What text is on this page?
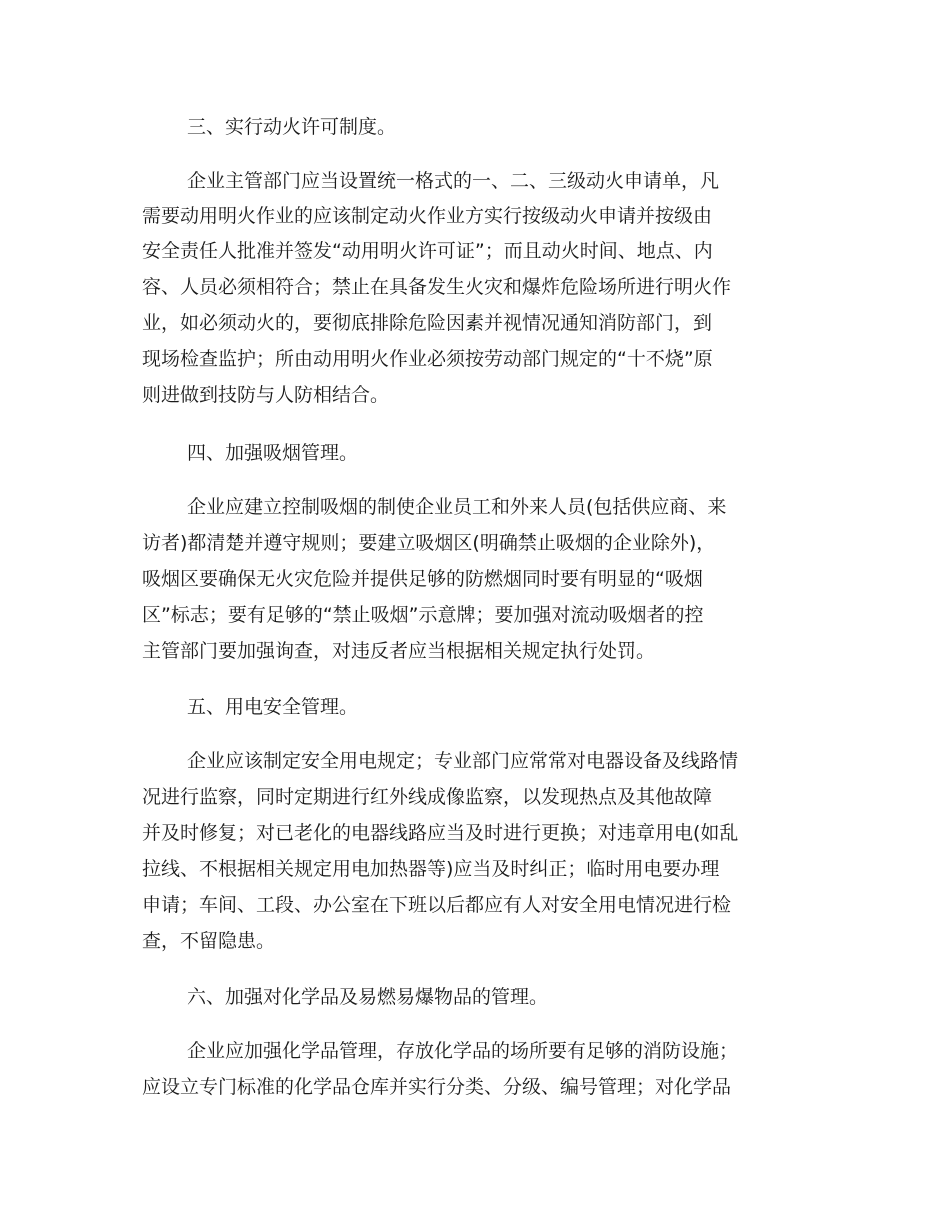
三、实行动火许可制度。
企业主管部门应当设置统一格式的一、二、三级动火申请单，凡
需要动用明火作业的应该制定动火作业方实行按级动火申请并按级由
安全责任人批准并签发“动用明火许可证”；而且动火时间、地点、内
容、人员必须相符合；禁止在具备发生火灾和爆炸危险场所进行明火作
业，如必须动火的，要彻底排除危险因素并视情况通知消防部门，到
现场检查监护；所由动用明火作业必须按劳动部门规定的“十不烧”原
则进做到技防与人防相结合。
四、加强吸烟管理。
企业应建立控制吸烟的制使企业员工和外来人员(包括供应商、来
访者)都清楚并遵守规则；要建立吸烟区(明确禁止吸烟的企业除外)，
吸烟区要确保无火灾危险并提供足够的防燃烟同时要有明显的“吸烟
区”标志；要有足够的“禁止吸烟”示意牌；要加强对流动吸烟者的控
主管部门要加强询查，对违反者应当根据相关规定执行处罚。
五、用电安全管理。
企业应该制定安全用电规定；专业部门应常常对电器设备及线路情
况进行监察，同时定期进行红外线成像监察，以发现热点及其他故障
并及时修复；对已老化的电器线路应当及时进行更换；对违章用电(如乱
拉线、不根据相关规定用电加热器等)应当及时纠正；临时用电要办理
申请；车间、工段、办公室在下班以后都应有人对安全用电情况进行检
查，不留隐患。
六、加强对化学品及易燃易爆物品的管理。
企业应加强化学品管理，存放化学品的场所要有足够的消防设施；
应设立专门标准的化学品仓库并实行分类、分级、编号管理；对化学品
